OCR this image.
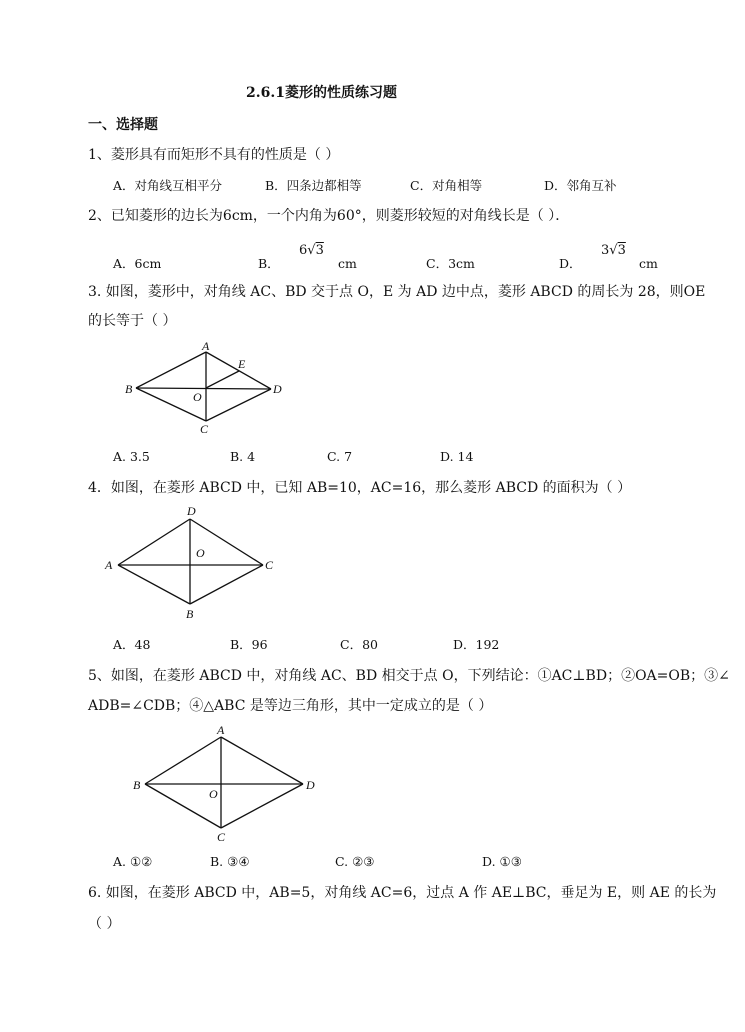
2.6.1菱形的性质练习题
一、选择题
1、菱形具有而矩形不具有的性质是（ ）
A．对角线互相平分	B．四条边都相等	C．对角相等	D．邻角互补
2、已知菱形的边长为6cm，一个内角为60°，则菱形较短的对角线长是（ ）．
A．6cm	B．
6√3
cm	C．3cm	D．
3√3
cm
3. 如图，菱形中，对角线 AC、BD 交于点 O，E 为 AD 边中点，菱形 ABCD 的周长为 28，则OE
的长等于（ ）
A
B
C
D
O
E
A. 3.5	B. 4	C. 7	D. 14
4．如图，在菱形 ABCD 中，已知 AB=10，AC=16，那么菱形 ABCD 的面积为（ ）
D
A
B
C
O
A．48	B．96	C．80	D．192
5、如图，在菱形 ABCD 中，对角线 AC、BD 相交于点 O，下列结论：①AC⊥BD；②OA=OB；③∠
ADB=∠CDB；④△ABC 是等边三角形，其中一定成立的是（ ）
A
B
C
D
O
A. ①②	B. ③④	C. ②③	D. ①③
6. 如图，在菱形 ABCD 中，AB=5，对角线 AC=6，过点 A 作 AE⊥BC，垂足为 E，则 AE 的长为
（ ）
